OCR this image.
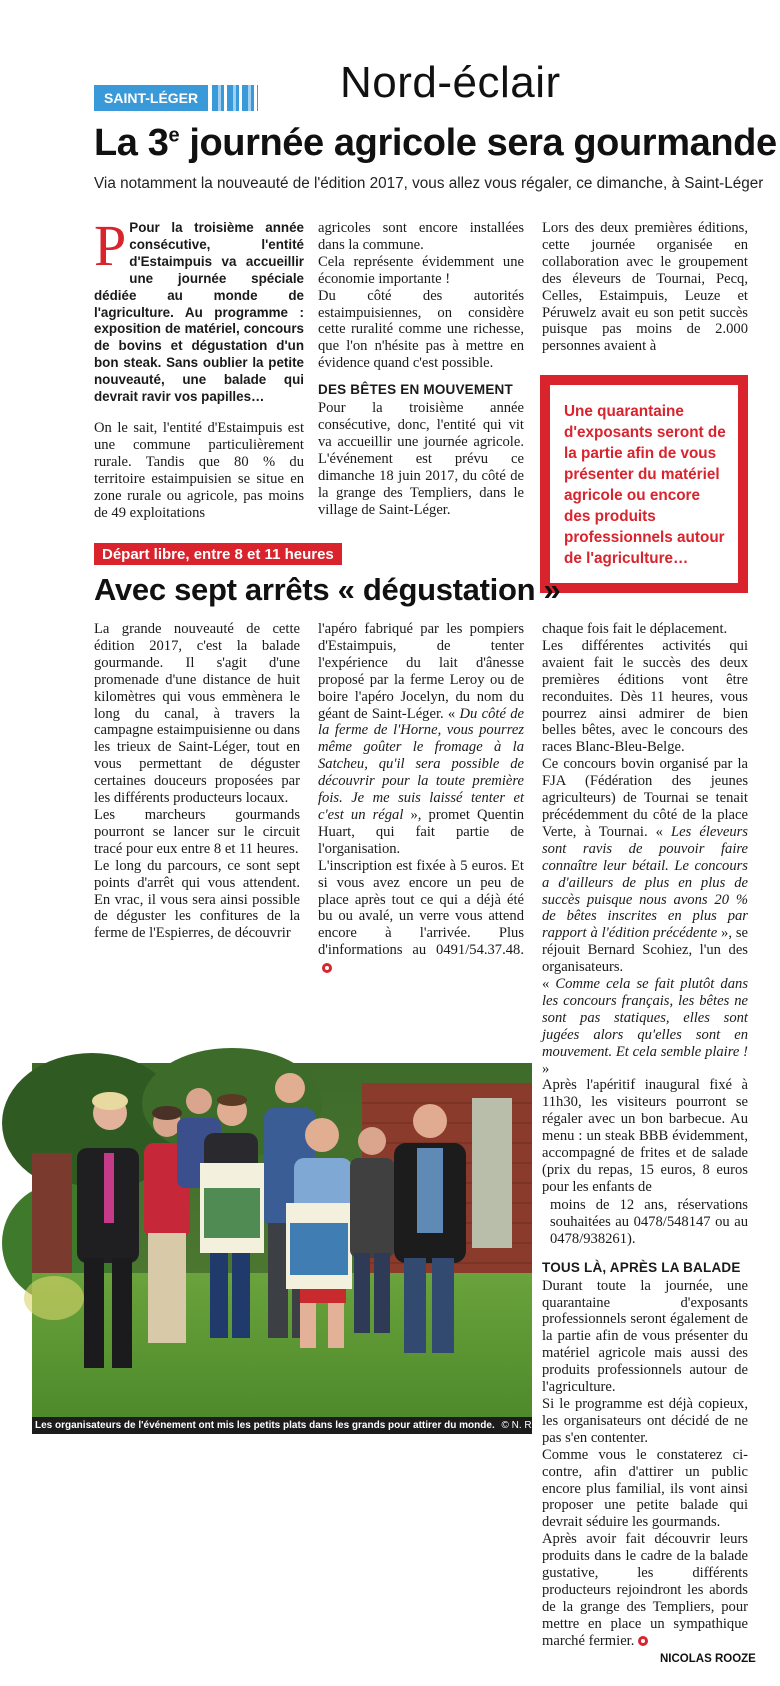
Nord-éclair
SAINT-LÉGER
La 3e journée agricole sera gourmande
Via notamment la nouveauté de l'édition 2017, vous allez vous régaler, ce dimanche, à Saint-Léger
P Pour la troisième année consécutive, l'entité d'Estaimpuis va accueillir une journée spéciale dédiée au monde de l'agriculture. Au programme : exposition de matériel, concours de bovins et dégustation d'un bon steak. Sans oublier la petite nouveauté, une balade qui devrait ravir vos papilles…

On le sait, l'entité d'Estaimpuis est une commune particulièrement rurale. Tandis que 80 % du territoire estaimpuisien se situe en zone rurale ou agricole, pas moins de 49 exploitations

agricoles sont encore installées dans la commune.

Cela représente évidemment une économie importante !

Du côté des autorités estaimpuisiennes, on considère cette ruralité comme une richesse, que l'on n'hésite pas à mettre en évidence quand c'est possible.

DES BÊTES EN MOUVEMENT

Pour la troisième année consécutive, donc, l'entité qui vit va accueillir une journée agricole. L'événement est prévu ce dimanche 18 juin 2017, du côté de la grange des Templiers, dans le village de Saint-Léger.

Lors des deux premières éditions, cette journée organisée en collaboration avec le groupement des éleveurs de Tournai, Pecq, Celles, Estaimpuis, Leuze et Péruwelz avait eu son petit succès puisque pas moins de 2.000 personnes avaient à

Une quarantaine d'exposants seront de la partie afin de vous présenter du matériel agricole ou encore des produits professionnels autour de l'agriculture…
Départ libre, entre 8 et 11 heures
Avec sept arrêts « dégustation »

La grande nouveauté de cette édition 2017, c'est la balade gourmande. Il s'agit d'une promenade d'une distance de huit kilomètres qui vous emmènera le long du canal, à travers la campagne estaimpuisienne ou dans les trieux de Saint-Léger, tout en vous permettant de déguster certaines douceurs proposées par les différents producteurs locaux.

Les marcheurs gourmands pourront se lancer sur le circuit tracé pour eux entre 8 et 11 heures.

Le long du parcours, ce sont sept points d'arrêt qui vous attendent. En vrac, il vous sera ainsi possible de déguster les confitures de la ferme de l'Espierres, de découvrir

l'apéro fabriqué par les pompiers d'Estaimpuis, de tenter l'expérience du lait d'ânesse proposé par la ferme Leroy ou de boire l'apéro Jocelyn, du nom du géant de Saint-Léger. « Du côté de la ferme de l'Horne, vous pourrez même goûter le fromage à la Satcheu, qu'il sera possible de découvrir pour la toute première fois. Je me suis laissé tenter et c'est un régal », promet Quentin Huart, qui fait partie de l'organisation.

L'inscription est fixée à 5 euros. Et si vous avez encore un peu de place après tout ce qui a déjà été bu ou avalé, un verre vous attend encore à l'arrivée. Plus d'informations au 0491/54.37.48.

chaque fois fait le déplacement.

Les différentes activités qui avaient fait le succès des deux premières éditions vont être reconduites. Dès 11 heures, vous pourrez ainsi admirer de bien belles bêtes, avec le concours des races Blanc-Bleu-Belge.

Ce concours bovin organisé par la FJA (Fédération des jeunes agriculteurs) de Tournai se tenait précédemment du côté de la place Verte, à Tournai. « Les éleveurs sont ravis de pouvoir faire connaître leur bétail. Le concours a d'ailleurs de plus en plus de succès puisque nous avons 20 % de bêtes inscrites en plus par rapport à l'édition précédente », se réjouit Bernard Scohiez, l'un des organisateurs.

« Comme cela se fait plutôt dans les concours français, les bêtes ne sont pas statiques, elles sont jugées alors qu'elles sont en mouvement. Et cela semble plaire ! »

Après l'apéritif inaugural fixé à 11h30, les visiteurs pourront se régaler avec un bon barbecue. Au menu : un steak BBB évidemment, accompagné de frites et de salade (prix du repas, 15 euros, 8 euros pour les enfants de

moins de 12 ans, réservations souhaitées au 0478/548147 ou au 0478/938261).

TOUS LÀ, APRÈS LA BALADE

Durant toute la journée, une quarantaine d'exposants professionnels seront également de la partie afin de vous présenter du matériel agricole mais aussi des produits professionnels autour de l'agriculture.

Si le programme est déjà copieux, les organisateurs ont décidé de ne pas s'en contenter.

Comme vous le constaterez ci-contre, afin d'attirer un public encore plus familial, ils vont ainsi proposer une petite balade qui devrait séduire les gourmands.

Après avoir fait découvrir leurs produits dans le cadre de la balade gustative, les différents producteurs rejoindront les abords de la grange des Templiers, pour mettre en place un sympathique marché fermier.

NICOLAS ROOZE
Les organisateurs de l'événement ont mis les petits plats dans les grands pour attirer du monde. © N. RZ
